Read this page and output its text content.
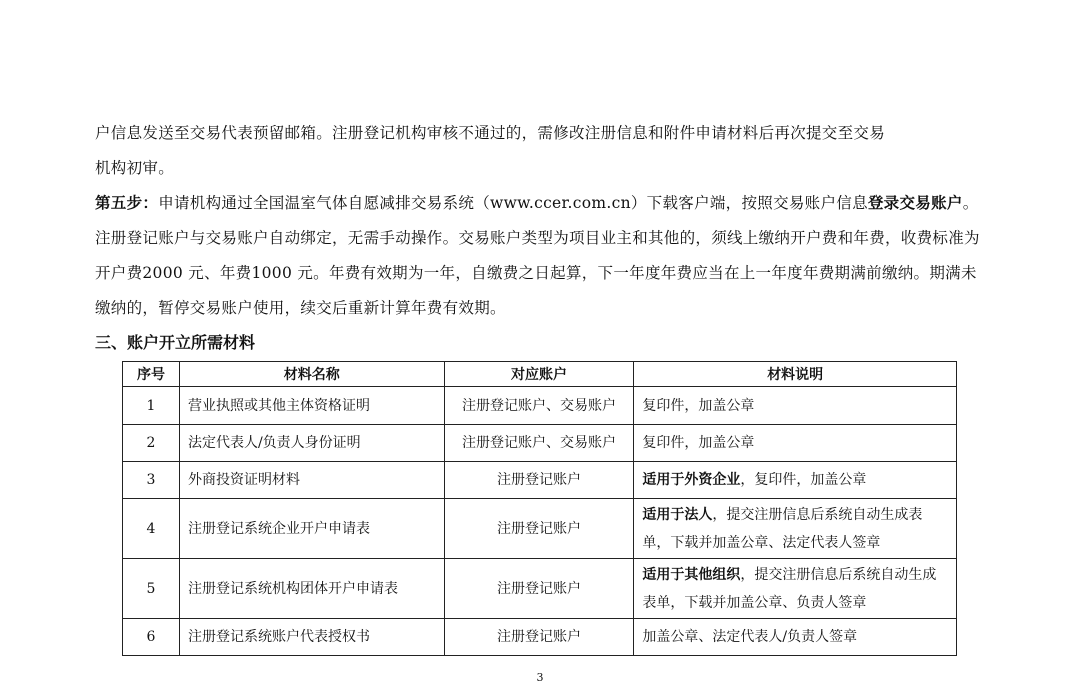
户信息发送至交易代表预留邮箱。注册登记机构审核不通过的，需修改注册信息和附件申请材料后再次提交至交易
机构初审。

第五步：申请机构通过全国温室气体自愿减排交易系统（www.ccer.com.cn）下载客户端，按照交易账户信息登录交易账户。注册登记账户与交易账户自动绑定，无需手动操作。交易账户类型为项目业主和其他的，须线上缴纳开户费和年费，收费标准为开户费2000 元、年费1000 元。年费有效期为一年，自缴费之日起算，下一年度年费应当在上一年度年费期满前缴纳。期满未缴纳的，暂停交易账户使用，续交后重新计算年费有效期。

三、账户开立所需材料
序号	材料名称	对应账户	材料说明
1	营业执照或其他主体资格证明	注册登记账户、交易账户	复印件，加盖公章
2	法定代表人/负责人身份证明	注册登记账户、交易账户	复印件，加盖公章
3	外商投资证明材料	注册登记账户	适用于外资企业，复印件，加盖公章
4	注册登记系统企业开户申请表	注册登记账户	适用于法人，提交注册信息后系统自动生成表单，下载并加盖公章、法定代表人签章
5	注册登记系统机构团体开户申请表	注册登记账户	适用于其他组织，提交注册信息后系统自动生成表单，下载并加盖公章、负责人签章
6	注册登记系统账户代表授权书	注册登记账户	加盖公章、法定代表人/负责人签章
3
